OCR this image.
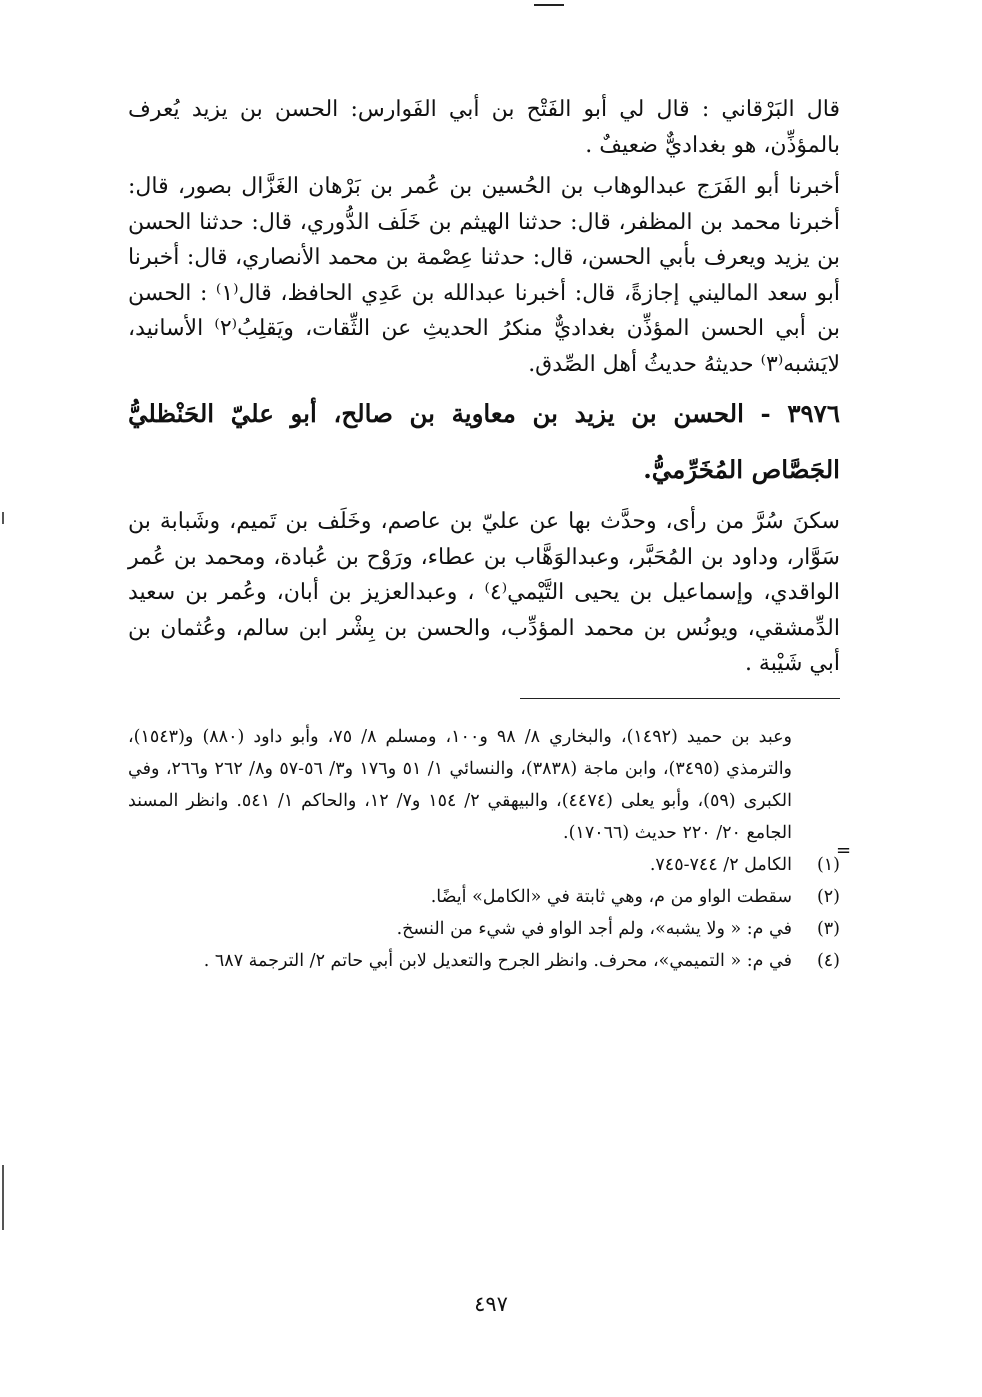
قال البَرْقاني : قال لي أبو الفَتْح بن أبي الفَوارس: الحسن بن يزيد يُعرف بالمؤذِّن، هو بغداديٌّ ضعيفٌ .

أخبرنا أبو الفَرَج عبدالوهاب بن الحُسين بن عُمر بن بَرْهان الغَزَّال بصور، قال: أخبرنا محمد بن المظفر، قال: حدثنا الهيثم بن خَلَف الدُّوري، قال: حدثنا الحسن بن يزيد ويعرف بأبي الحسن، قال: حدثنا عِصْمة بن محمد الأنصاري، قال: أخبرنا أبو سعد الماليني إجازةً، قال: أخبرنا عبدالله بن عَدِي الحافظ، قال⁽١⁾ : الحسن بن أبي الحسن المؤذِّن بغداديٌّ منكرُ الحديثِ عن الثِّقات، ويَقلِبُ⁽٢⁾ الأسانيد، لايَشبه⁽٣⁾ حديثهُ حديثُ أهل الصِّدق.

٣٩٧٦ - الحسن بن يزيد بن معاوية بن صالح، أبو عليّ الحَنْظليُّ الجَصَّاص المُخَرِّميُّ.

سكنَ سُرَّ من رأى، وحدَّث بها عن عليّ بن عاصم، وخَلَف بن تَميم، وشَبابة بن سَوَّار، وداود بن المُحَبَّر، وعبدالوَهَّاب بن عطاء، ورَوْح بن عُبادة، ومحمد بن عُمر الواقدي، وإسماعيل بن يحيى التَّيْمي⁽٤⁾ ، وعبدالعزيز بن أبان، وعُمر بن سعيد الدِّمشقي، ويونُس بن محمد المؤدِّب، والحسن بن بِشْر ابن سالم، وعُثمان بن أبي شَيْبة .

وعبد بن حميد (١٤٩٢)، والبخاري ٨/ ٩٨ و١٠٠، ومسلم ٨/ ٧٥، وأبو داود (٨٨٠) و(١٥٤٣)، والترمذي (٣٤٩٥)، وابن ماجة (٣٨٣٨)، والنسائي ١/ ٥١ و١٧٦ و٣/ ٥٦-٥٧ و٨/ ٢٦٢ و٢٦٦، وفي الكبرى (٥٩)، وأبو يعلى (٤٤٧٤)، والبيهقي ٢/ ١٥٤ و٧/ ١٢، والحاكم ١/ ٥٤١. وانظر المسند الجامع ٢٠/ ٢٢٠ حديث (١٧٠٦٦).
(١)
الكامل ٢/ ٧٤٤-٧٤٥.
(٢)
سقطت الواو من م، وهي ثابتة في «الكامل» أيضًا.
(٣)
في م: « ولا يشبه»، ولم أجد الواو في شيء من النسخ.
(٤)
في م: « التميمي»، محرف. وانظر الجرح والتعديل لابن أبي حاتم ٢/ الترجمة ٦٨٧ .
=
٤٩٧
